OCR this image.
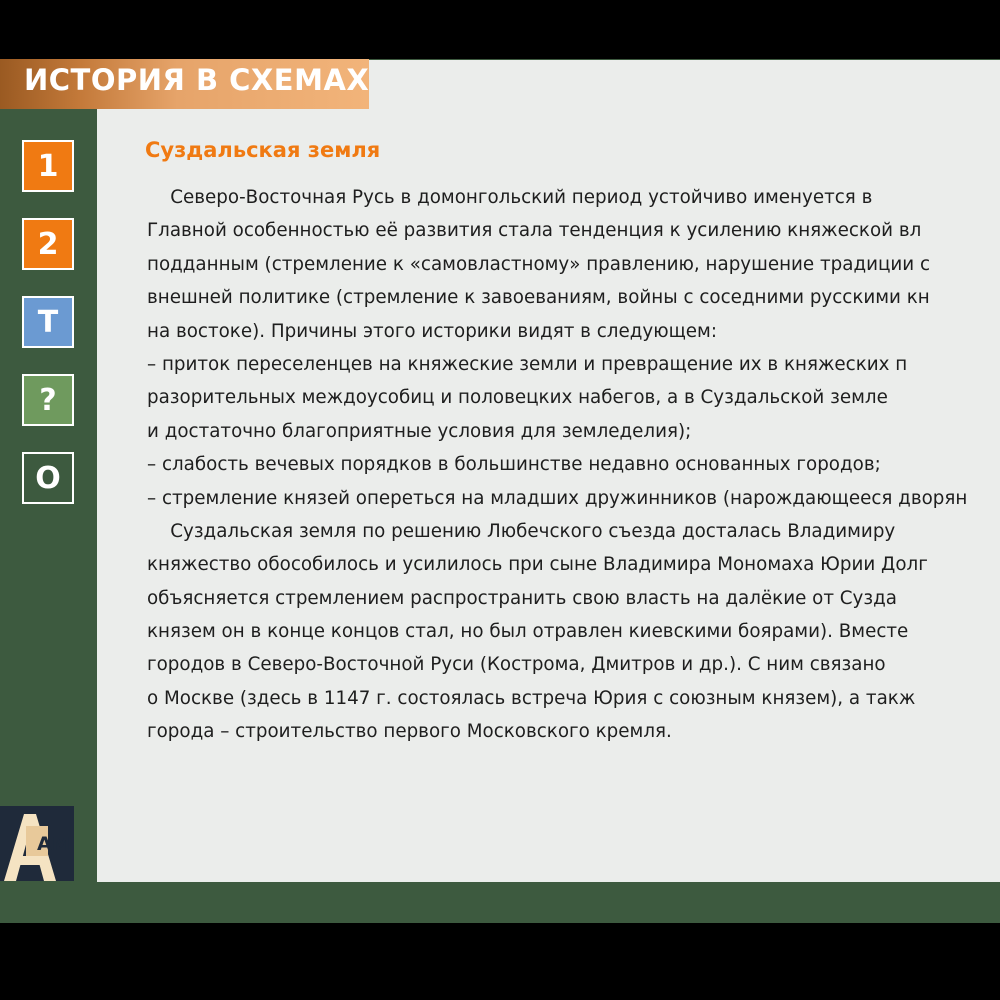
Суздальская земля
Северо-Восточная Русь в домонгольский период устойчиво именуется в
Главной особенностью её развития стала тенденция к усилению княжеской вл
подданным (стремление к «самовластному» правлению, нарушение традиции с
внешней политике (стремление к завоеваниям, войны с соседними русскими кн
на востоке). Причины этого историки видят в следующем:
– приток переселенцев на княжеские земли и превращение их в княжеских п
разорительных междоусобиц и половецких набегов, а в Суздальской земле
и достаточно благоприятные условия для земледелия);
– слабость вечевых порядков в большинстве недавно основанных городов;
– стремление князей опереться на младших дружинников (нарождающееся дворян
Суздальская земля по решению Любечского съезда досталась Владимиру
княжество обособилось и усилилось при сыне Владимира Мономаха Юрии Долг
объясняется стремлением распространить свою власть на далёкие от Сузда
князем он в конце концов стал, но был отравлен киевскими боярами). Вместе
городов в Северо-Восточной Руси (Кострома, Дмитров и др.). С ним связано
о Москве (здесь в 1147 г. состоялась встреча Юрия с союзным князем), а такж
города – строительство первого Московского кремля.
ИСТОРИЯ В СХЕМАХ
1
2
Т
?
О
АМ
